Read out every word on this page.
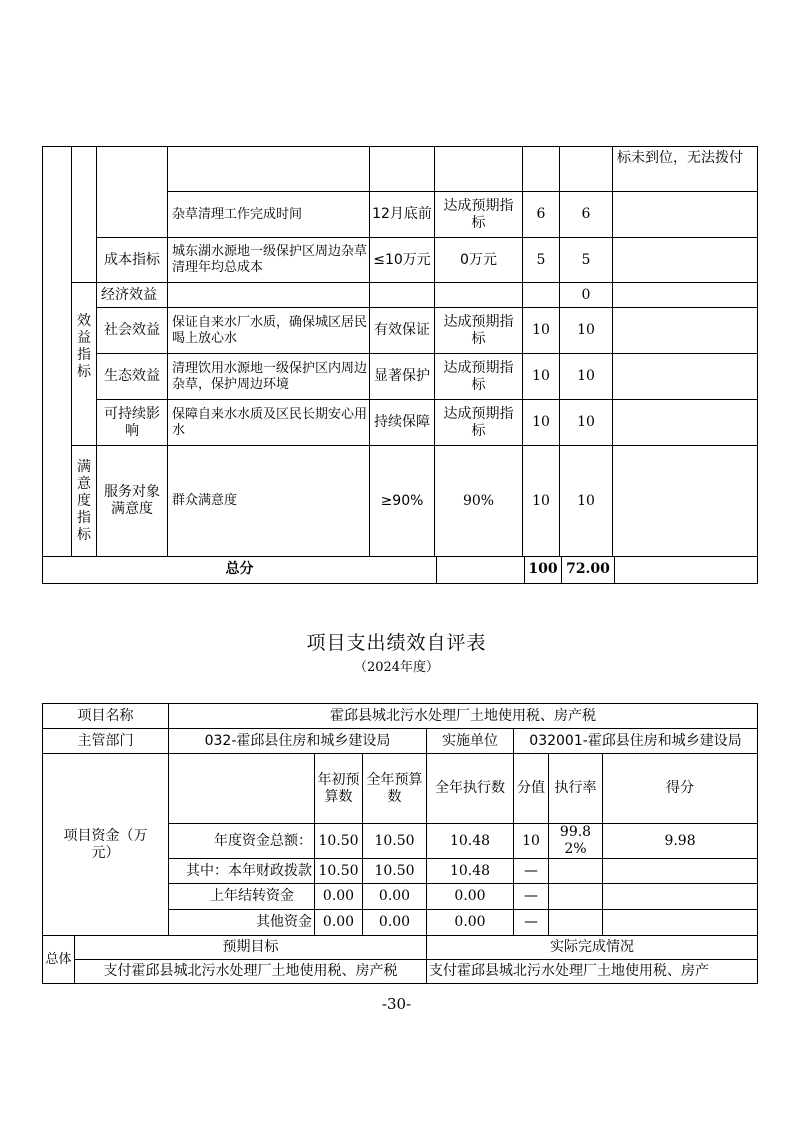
								标未到位，无法拨付
			杂草清理工作完成时间	12月底前	达成预期指标	6	6	
		成本指标	城东湖水源地一级保护区周边杂草清理年均总成本	≤10万元	0万元	5	5	
	效益指标	经济效益					0	
		社会效益	保证自来水厂水质，确保城区居民喝上放心水	有效保证	达成预期指标	10	10	
		生态效益	清理饮用水源地一级保护区内周边杂草，保护周边环境	显著保护	达成预期指标	10	10	
		可持续影响	保障自来水水质及区民长期安心用水	持续保障	达成预期指标	10	10	
	满意度指标	服务对象满意度	群众满意度	≥90%	90%	10	10	
总分		100	72.00	
项目支出绩效自评表
（2024年度）
项目名称		霍邱县城北污水处理厂土地使用税、房产税						
主管部门		032-霍邱县住房和城乡建设局			实施单位	032001-霍邱县住房和城乡建设局		
项目资金（万元）			年初预算数	全年预算数	全年执行数	分值	执行率	得分
		年度资金总额：	10.50	10.50	10.48	10	99.82%	9.98
		其中：本年财政拨款	10.50	10.50	10.48	—		
		上年结转资金	0.00	0.00	0.00	—		
		其他资金	0.00	0.00	0.00	—		
总体	预期目标				实际完成情况			
	支付霍邱县城北污水处理厂土地使用税、房产税				支付霍邱县城北污水处理厂土地使用税、房产			
-30-
